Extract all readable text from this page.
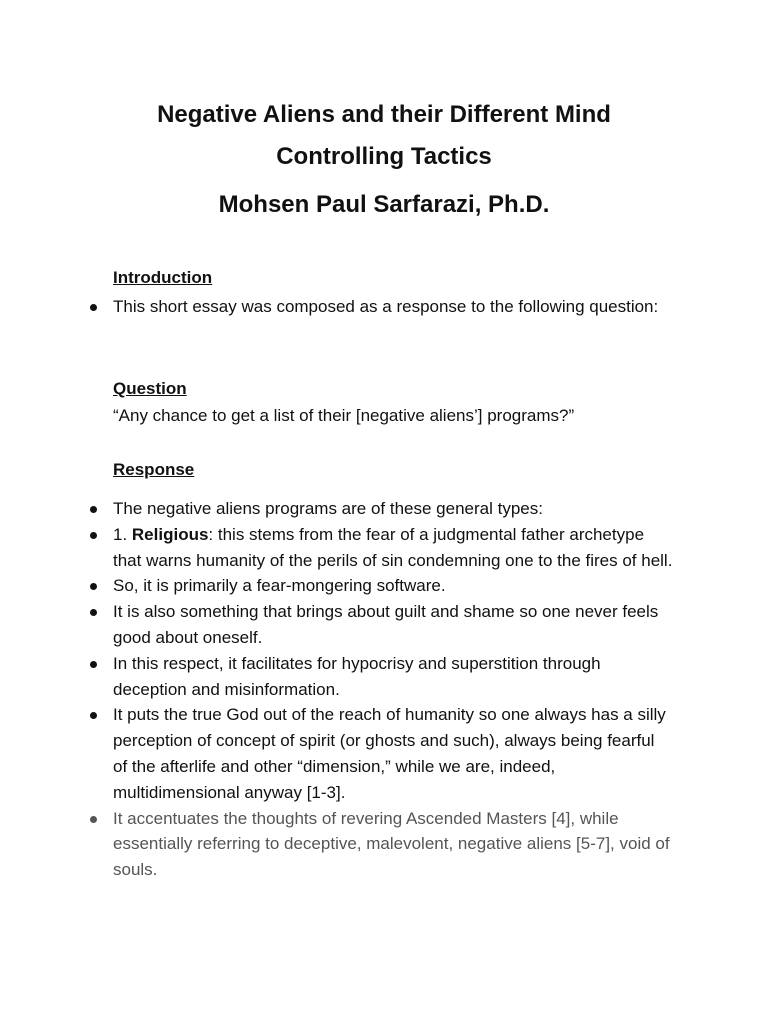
Negative Aliens and their Different Mind
Controlling Tactics
Mohsen Paul Sarfarazi, Ph.D.
Introduction
This short essay was composed as a response to the following question:
Question
“Any chance to get a list of their [negative aliens’] programs?”
Response
The negative aliens programs are of these general types:
1. Religious: this stems from the fear of a judgmental father archetype that warns humanity of the perils of sin condemning one to the fires of hell.
So, it is primarily a fear-mongering software.
It is also something that brings about guilt and shame so one never feels good about oneself.
In this respect, it facilitates for hypocrisy and superstition through deception and misinformation.
It puts the true God out of the reach of humanity so one always has a silly perception of concept of spirit (or ghosts and such), always being fearful of the afterlife and other “dimension,” while we are, indeed, multidimensional anyway [1-3].
It accentuates the thoughts of revering Ascended Masters [4], while essentially referring to deceptive, malevolent, negative aliens [5-7], void of souls.
